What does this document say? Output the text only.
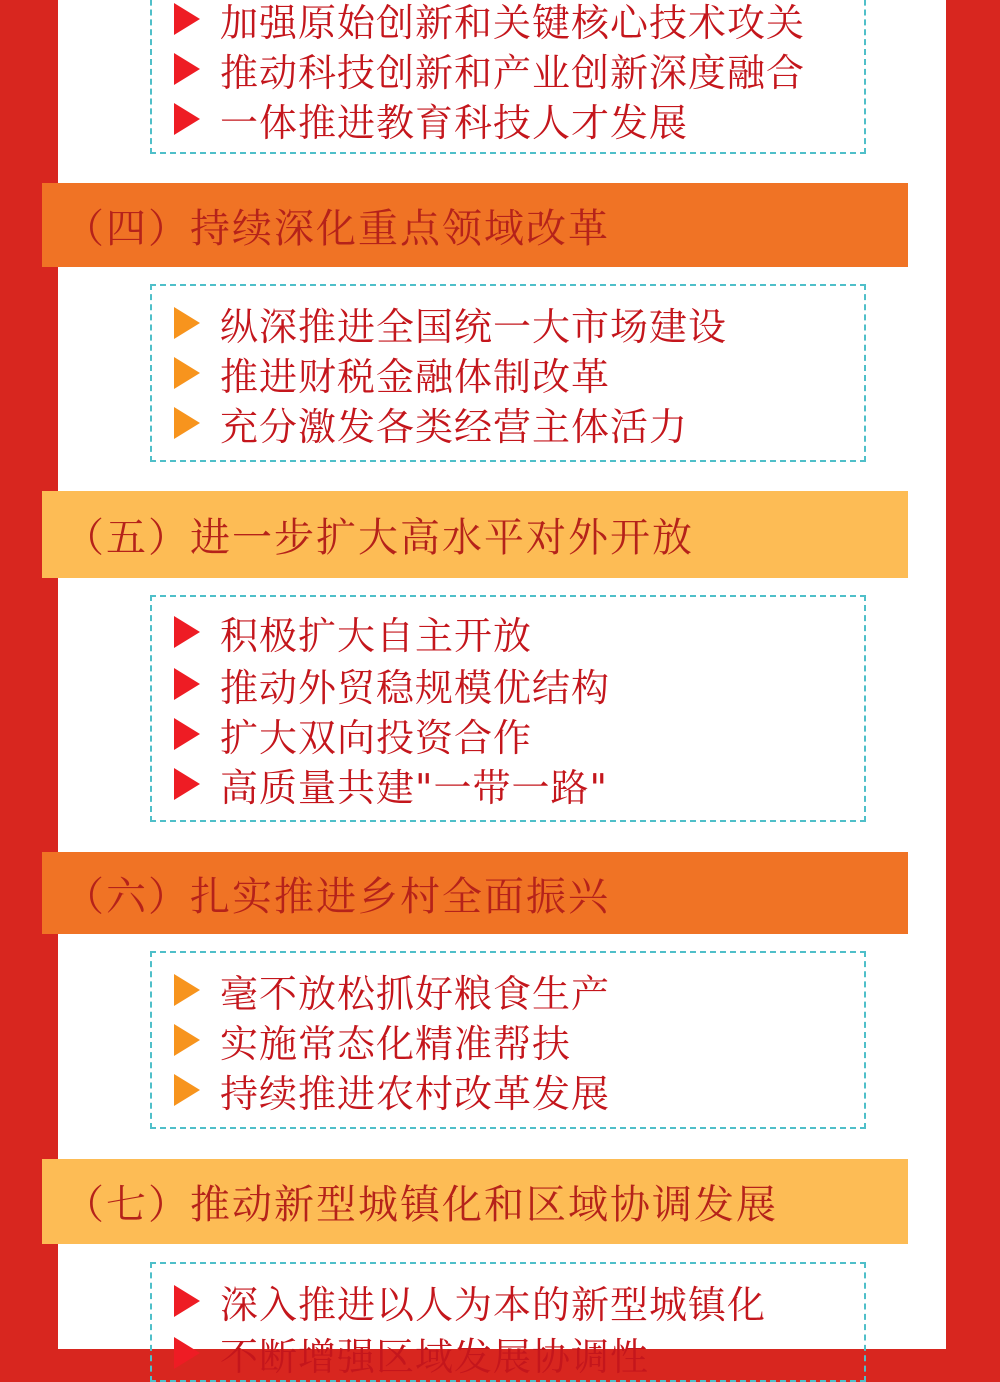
加强原始创新和关键核心技术攻关
推动科技创新和产业创新深度融合
一体推进教育科技人才发展
（四）持续深化重点领域改革
纵深推进全国统一大市场建设
推进财税金融体制改革
充分激发各类经营主体活力
（五）进一步扩大高水平对外开放
积极扩大自主开放
推动外贸稳规模优结构
扩大双向投资合作
高质量共建"一带一路"
（六）扎实推进乡村全面振兴
毫不放松抓好粮食生产
实施常态化精准帮扶
持续推进农村改革发展
（七）推动新型城镇化和区域协调发展
深入推进以人为本的新型城镇化
不断增强区域发展协调性
